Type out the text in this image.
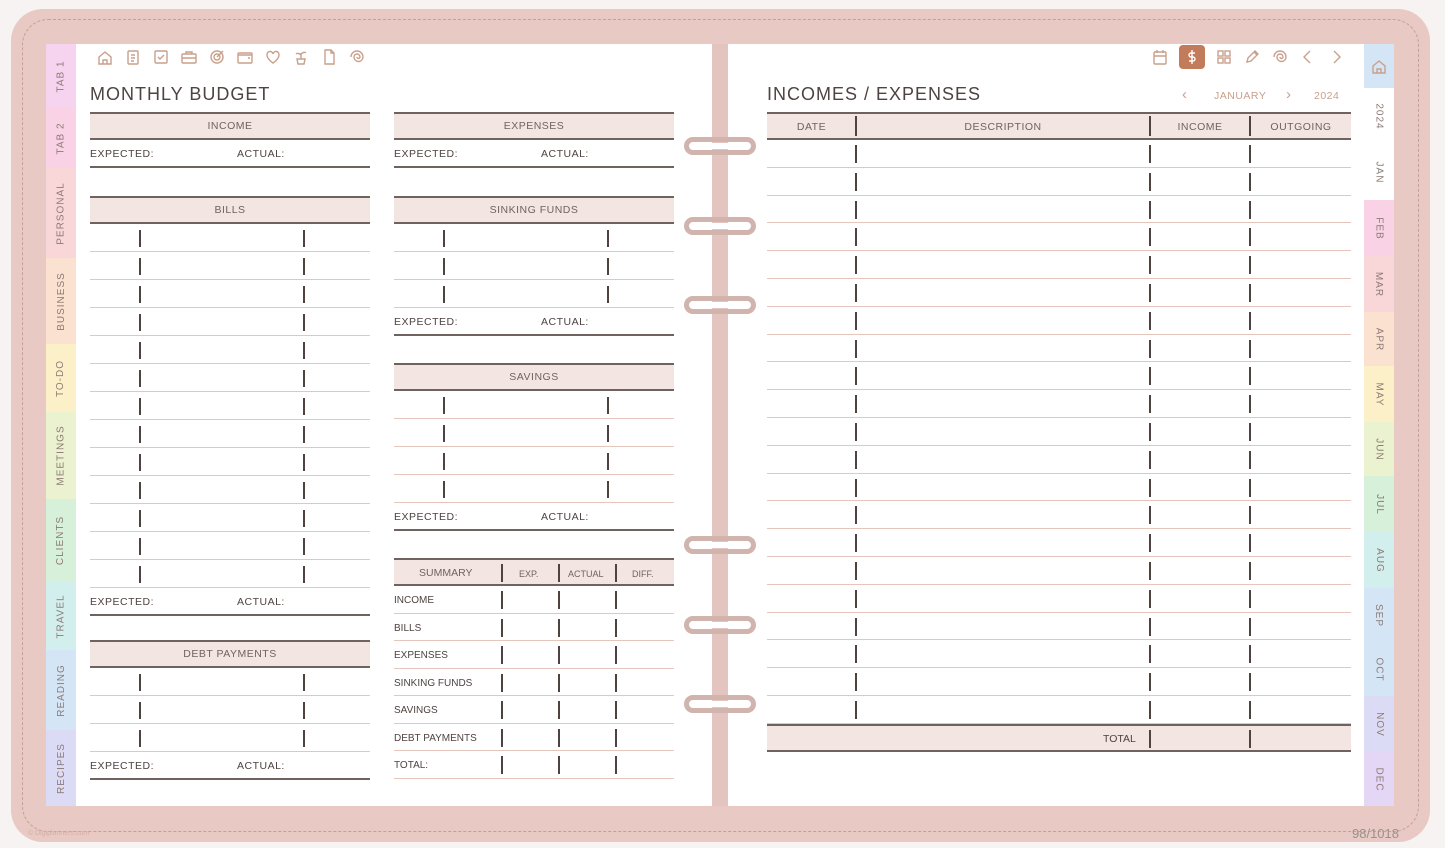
TAB 1
TAB 2
PERSONAL
BUSINESS
TO-DO
MEETINGS
CLIENTS
TRAVEL
READING
RECIPES
2024
JAN
FEB
MAR
APR
MAY
JUN
JUL
AUG
SEP
OCT
NOV
DEC
MONTHLY BUDGET
INCOME
EXPECTED:	ACTUAL:
BILLS
EXPECTED:	ACTUAL:
DEBT PAYMENTS
EXPECTED:	ACTUAL:
EXPENSES
EXPECTED:	ACTUAL:
SINKING FUNDS
EXPECTED:	ACTUAL:
SAVINGS
EXPECTED:	ACTUAL:
SUMMARY	EXP.	ACTUAL	DIFF.
INCOME
BILLS
EXPENSES
SINKING FUNDS
SAVINGS
DEBT PAYMENTS
TOTAL:
INCOMES / EXPENSES	‹	JANUARY › 2024
DATE	DESCRIPTION	INCOME	OUTGOING
TOTAL
98/1018
© Digiplanners.com
